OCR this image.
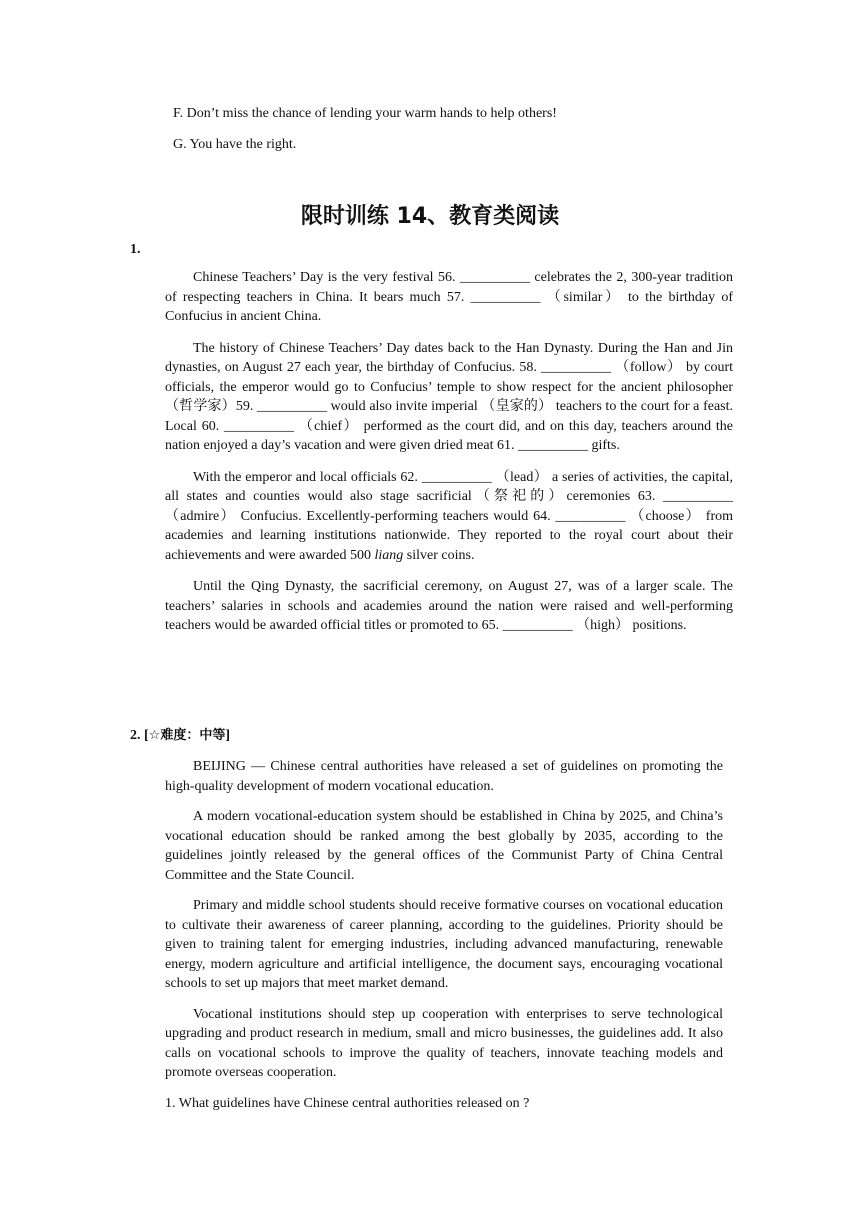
F. Don’t miss the chance of lending your warm hands to help others!
G. You have the right.
限时训练 14、教育类阅读
1.

Chinese Teachers’ Day is the very festival 56. __________ celebrates the 2, 300-year tradition of respecting teachers in China. It bears much 57. __________ （similar） to the birthday of Confucius in ancient China.

The history of Chinese Teachers’ Day dates back to the Han Dynasty. During the Han and Jin dynasties, on August 27 each year, the birthday of Confucius. 58. __________ （follow） by court officials, the emperor would go to Confucius’ temple to show respect for the ancient philosopher（哲学家）59. __________ would also invite imperial （皇家的） teachers to the court for a feast. Local 60. __________ （chief） performed as the court did, and on this day, teachers around the nation enjoyed a day’s vacation and were given dried meat 61. __________ gifts.

With the emperor and local officials 62. __________ （lead） a series of activities, the capital, all states and counties would also stage sacrificial（祭祀的）ceremonies 63. __________ （admire） Confucius. Excellently-performing teachers would 64. __________ （choose） from academies and learning institutions nationwide. They reported to the royal court about their achievements and were awarded 500 liang silver coins.

Until the Qing Dynasty, the sacrificial ceremony, on August 27, was of a larger scale. The teachers’ salaries in schools and academies around the nation were raised and well-performing teachers would be awarded official titles or promoted to 65. __________ （high） positions.

2. [☆难度：中等]

BEIJING — Chinese central authorities have released a set of guidelines on promoting the high-quality development of modern vocational education.

A modern vocational-education system should be established in China by 2025, and China’s vocational education should be ranked among the best globally by 2035, according to the guidelines jointly released by the general offices of the Communist Party of China Central Committee and the State Council.

Primary and middle school students should receive formative courses on vocational education to cultivate their awareness of career planning, according to the guidelines. Priority should be given to training talent for emerging industries, including advanced manufacturing, renewable energy, modern agriculture and artificial intelligence, the document says, encouraging vocational schools to set up majors that meet market demand.

Vocational institutions should step up cooperation with enterprises to serve technological upgrading and product research in medium, small and micro businesses, the guidelines add. It also calls on vocational schools to improve the quality of teachers, innovate teaching models and promote overseas cooperation.

1. What guidelines have Chinese central authorities released on ?
